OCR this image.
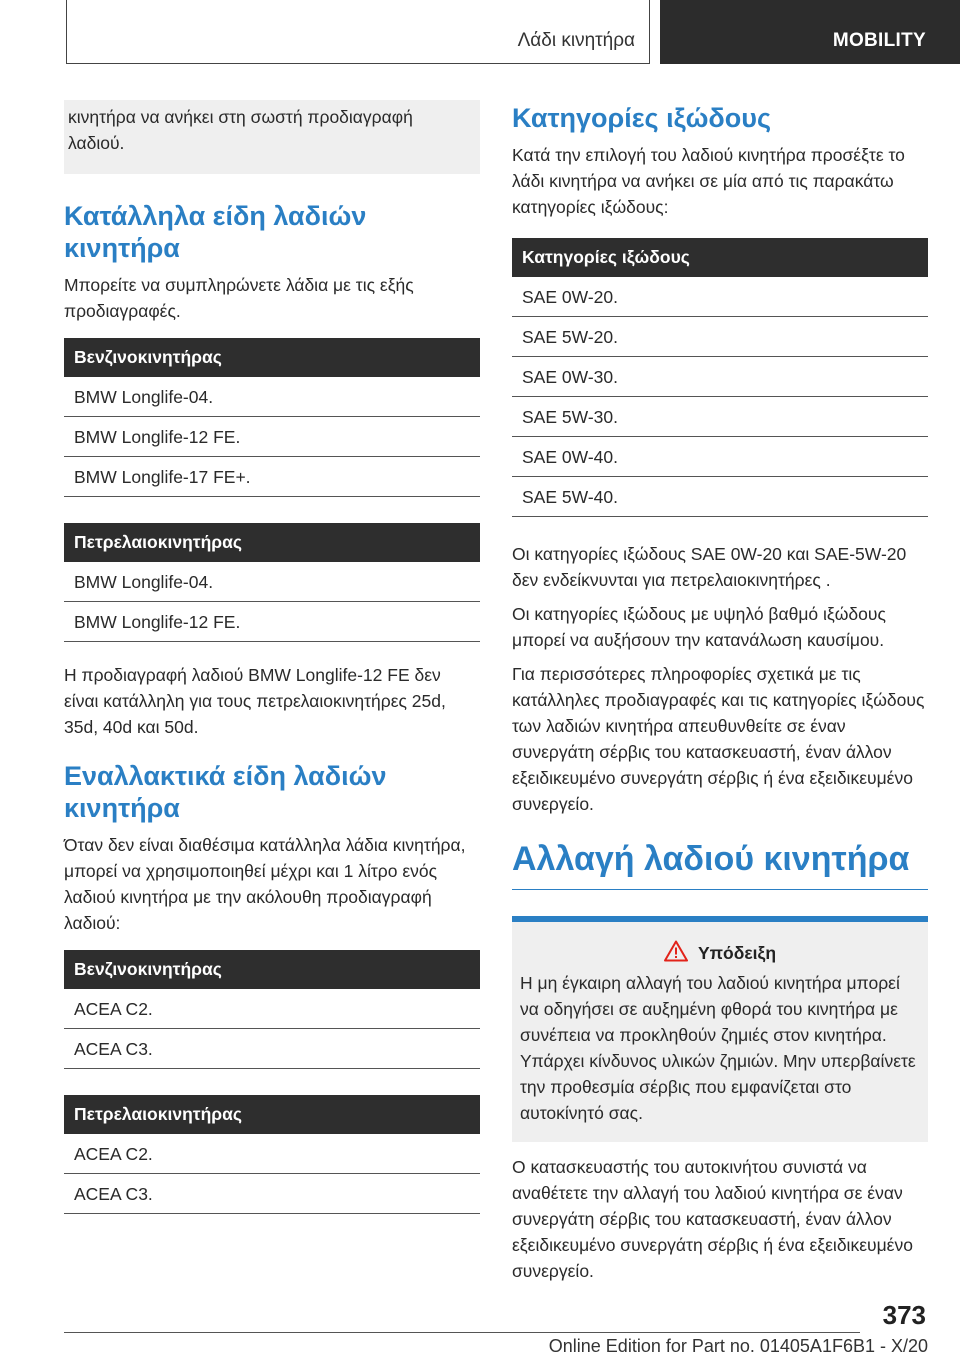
Λάδι κινητήρα	MOBILITY

κινητήρα να ανήκει στη σωστή προδιαγραφή λαδιού.

Κατάλληλα είδη λαδιών κινητήρα

Μπορείτε να συμπληρώνετε λάδια με τις εξής προδιαγραφές.

Βενζινοκινητήρας
BMW Longlife-04.
BMW Longlife-12 FE.
BMW Longlife-17 FE+.
Πετρελαιοκινητήρας
BMW Longlife-04.
BMW Longlife-12 FE.

Η προδιαγραφή λαδιού BMW Longlife-12 FE δεν είναι κατάλληλη για τους πετρελαιοκινητήρες 25d, 35d, 40d και 50d.

Εναλλακτικά είδη λαδιών κινητήρα

Όταν δεν είναι διαθέσιμα κατάλληλα λάδια κινητήρα, μπορεί να χρησιμοποιηθεί μέχρι και 1 λίτρο ενός λαδιού κινητήρα με την ακόλουθη προδιαγραφή λαδιού:

Βενζινοκινητήρας
ACEA C2.
ACEA C3.
Πετρελαιοκινητήρας
ACEA C2.
ACEA C3.
Κατηγορίες ιξώδους

Κατά την επιλογή του λαδιού κινητήρα προσέξτε το λάδι κινητήρα να ανήκει σε μία από τις παρακάτω κατηγορίες ιξώδους:

Κατηγορίες ιξώδους
SAE 0W-20.
SAE 5W-20.
SAE 0W-30.
SAE 5W-30.
SAE 0W-40.
SAE 5W-40.

Οι κατηγορίες ιξώδους SAE 0W-20 και SAE-5W-20 δεν ενδείκνυνται για πετρελαιοκινητήρες .

Οι κατηγορίες ιξώδους με υψηλό βαθμό ιξώδους μπορεί να αυξήσουν την κατανάλωση καυσίμου.

Για περισσότερες πληροφορίες σχετικά με τις κατάλληλες προδιαγραφές και τις κατηγορίες ιξώδους των λαδιών κινητήρα απευθυνθείτε σε έναν συνεργάτη σέρβις του κατασκευαστή, έναν άλλον εξειδικευμένο συνεργάτη σέρβις ή ένα εξειδικευμένο συνεργείο.

Αλλαγή λαδιού κινητήρα
Υπόδειξη

Η μη έγκαιρη αλλαγή του λαδιού κινητήρα μπορεί να οδηγήσει σε αυξημένη φθορά του κινητήρα με συνέπεια να προκληθούν ζημιές στον κινητήρα. Υπάρχει κίνδυνος υλικών ζημιών. Μην υπερβαίνετε την προθεσμία σέρβις που εμφανίζεται στο αυτοκίνητό σας.

Ο κατασκευαστής του αυτοκινήτου συνιστά να αναθέτετε την αλλαγή του λαδιού κινητήρα σε έναν συνεργάτη σέρβις του κατασκευαστή, έναν άλλον εξειδικευμένο συνεργάτη σέρβις ή ένα εξειδικευμένο συνεργείο.

373
Online Edition for Part no. 01405A1F6B1 - X/20
